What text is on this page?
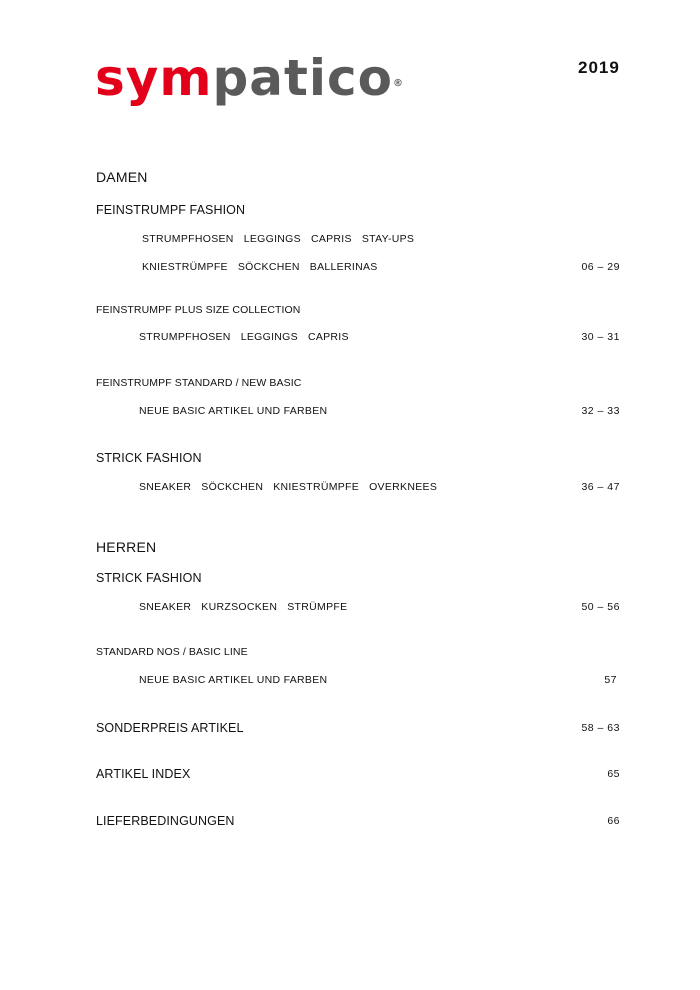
sympatico®
2019
DAMEN
FEINSTRUMPF FASHION
STRUMPFHOSEN LEGGINGS CAPRIS STAY-UPS
KNIESTRÜMPFE SÖCKCHEN BALLERINAS	06 – 29
FEINSTRUMPF PLUS SIZE COLLECTION
STRUMPFHOSEN LEGGINGS CAPRIS	30 – 31
FEINSTRUMPF STANDARD / NEW BASIC
NEUE BASIC ARTIKEL UND FARBEN	32 – 33
STRICK FASHION
SNEAKER SÖCKCHEN KNIESTRÜMPFE OVERKNEES	36 – 47
HERREN
STRICK FASHION
SNEAKER KURZSOCKEN STRÜMPFE	50 – 56
STANDARD NOS / BASIC LINE
NEUE BASIC ARTIKEL UND FARBEN	57
SONDERPREIS ARTIKEL	58 – 63
ARTIKEL INDEX	65
LIEFERBEDINGUNGEN	66
